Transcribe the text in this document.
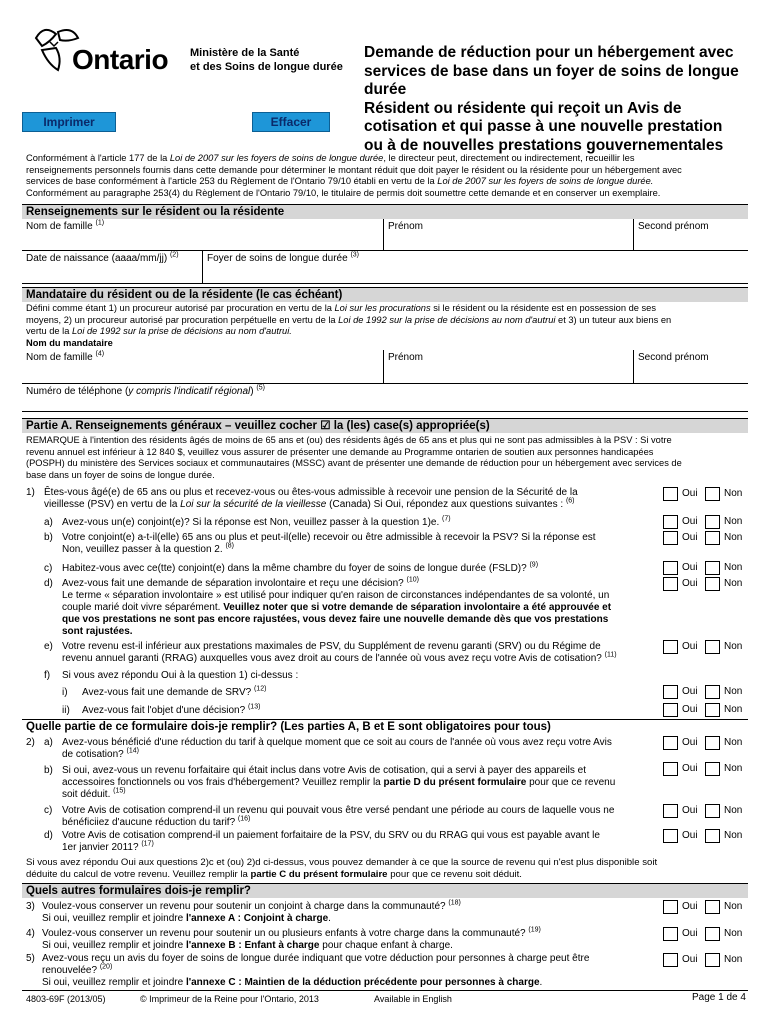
Ontario Ministère de la Santé
et des Soins de longue durée
Demande de réduction pour un hébergement avec
services de base dans un foyer de soins de longue
durée
Résident ou résidente qui reçoit un Avis de
cotisation et qui passe à une nouvelle prestation
ou à de nouvelles prestations gouvernementales
Imprimer	Effacer
Conformément à l'article 177 de la Loi de 2007 sur les foyers de soins de longue durée, le directeur peut, directement ou indirectement, recueillir les
renseignements personnels fournis dans cette demande pour déterminer le montant réduit que doit payer le résident ou la résidente pour un hébergement avec
services de base conformément à l'article 253 du Règlement de l'Ontario 79/10 établi en vertu de la Loi de 2007 sur les foyers de soins de longue durée.
Conformément au paragraphe 253(4) du Règlement de l'Ontario 79/10, le titulaire de permis doit soumettre cette demande et en conserver un exemplaire.
Renseignements sur le résident ou la résidente
Nom de famille $^{(1)}$	Prénom	Second prénom
Date de naissance (aaaa/mm/jj) $^{(2)}$	Foyer de soins de longue durée $^{(3)}$
Mandataire du résident ou de la résidente (le cas échéant)
Défini comme étant 1) un procureur autorisé par procuration en vertu de la Loi sur les procurations si le résident ou la résidente est en possession de ses
moyens, 2) un procureur autorisé par procuration perpétuelle en vertu de la Loi de 1992 sur la prise de décisions au nom d'autrui et 3) un tuteur aux biens en
vertu de la Loi de 1992 sur la prise de décisions au nom d'autrui.
Nom du mandataire
Nom de famille $^{(4)}$	Prénom	Second prénom
Numéro de téléphone (y compris l'indicatif régional) $^{(5)}$
Partie A. Renseignements généraux – veuillez cocher ☑ la (les) case(s) appropriée(s)
REMARQUE à l'intention des résidents âgés de moins de 65 ans et (ou) des résidents âgés de 65 ans et plus qui ne sont pas admissibles à la PSV : Si votre
revenu annuel est inférieur à 12 840 $, veuillez vous assurer de présenter une demande au Programme ontarien de soutien aux personnes handicapées
(POSPH) du ministère des Services sociaux et communautaires (MSSC) avant de présenter une demande de réduction pour un hébergement avec services de
base dans un foyer de soins de longue durée.
1) Êtes-vous âgé(e) de 65 ans ou plus et recevez-vous ou êtes-vous admissible à recevoir une pension de la Sécurité de la
vieillesse (PSV) en vertu de la Loi sur la sécurité de la vieillesse (Canada) Si Oui, répondez aux questions suivantes : $^{(6)}$
Oui	Non
a) Avez-vous un(e) conjoint(e)? Si la réponse est Non, veuillez passer à la question 1)e. $^{(7)}$	Oui	Non
b) Votre conjoint(e) a-t-il(elle) 65 ans ou plus et peut-il(elle) recevoir ou être admissible à recevoir la PSV? Si la réponse est
Non, veuillez passer à la question 2. $^{(8)}$
Oui	Non
c) Habitez-vous avec ce(tte) conjoint(e) dans la même chambre du foyer de soins de longue durée (FSLD)? $^{(9)}$	Oui	Non
d) Avez-vous fait une demande de séparation involontaire et reçu une décision? $^{(10)}$
Le terme « séparation involontaire » est utilisé pour indiquer qu'en raison de circonstances indépendantes de sa volonté, un
couple marié doit vivre séparément. Veuillez noter que si votre demande de séparation involontaire a été approuvée et
que vos prestations ne sont pas encore rajustées, vous devez faire une nouvelle demande dès que vos prestations
sont rajustées.
Oui	Non
e) Votre revenu est-il inférieur aux prestations maximales de PSV, du Supplément de revenu garanti (SRV) ou du Régime de
revenu annuel garanti (RRAG) auxquelles vous avez droit au cours de l'année où vous avez reçu votre Avis de cotisation? $^{(11)}$
Oui	Non
f) Si vous avez répondu Oui à la question 1) ci-dessus :
i) Avez-vous fait une demande de SRV? $^{(12)}$	Oui	Non
ii) Avez-vous fait l'objet d'une décision? $^{(13)}$	Oui	Non
Quelle partie de ce formulaire dois-je remplir? (Les parties A, B et E sont obligatoires pour tous)
2) a) Avez-vous bénéficié d'une réduction du tarif à quelque moment que ce soit au cours de l'année où vous avez reçu votre Avis
de cotisation? $^{(14)}$
Oui	Non
b) Si oui, avez-vous un revenu forfaitaire qui était inclus dans votre Avis de cotisation, qui a servi à payer des appareils et
accessoires fonctionnels ou vos frais d'hébergement? Veuillez remplir la partie D du présent formulaire pour que ce revenu
soit déduit. $^{(15)}$
Oui	Non
c) Votre Avis de cotisation comprend-il un revenu qui pouvait vous être versé pendant une période au cours de laquelle vous ne
bénéficiiez d'aucune réduction du tarif? $^{(16)}$
Oui	Non
d) Votre Avis de cotisation comprend-il un paiement forfaitaire de la PSV, du SRV ou du RRAG qui vous est payable avant le
1er janvier 2011? $^{(17)}$
Oui	Non
Si vous avez répondu Oui aux questions 2)c et (ou) 2)d ci-dessus, vous pouvez demander à ce que la source de revenu qui n'est plus disponible soit
déduite du calcul de votre revenu. Veuillez remplir la partie C du présent formulaire pour que ce revenu soit déduit.
Quels autres formulaires dois-je remplir?
3) Voulez-vous conserver un revenu pour soutenir un conjoint à charge dans la communauté? $^{(18)}$
Si oui, veuillez remplir et joindre l'annexe A : Conjoint à charge.
Oui	Non
4) Voulez-vous conserver un revenu pour soutenir un ou plusieurs enfants à votre charge dans la communauté? $^{(19)}$
Si oui, veuillez remplir et joindre l'annexe B : Enfant à charge pour chaque enfant à charge.
Oui	Non
5) Avez-vous reçu un avis du foyer de soins de longue durée indiquant que votre déduction pour personnes à charge peut être
renouvelée? $^{(20)}$
Si oui, veuillez remplir et joindre l'annexe C : Maintien de la déduction précédente pour personnes à charge.
Oui	Non
4803-69F (2013/05)	© Imprimeur de la Reine pour l'Ontario, 2013	Available in English	Page 1 de 4
